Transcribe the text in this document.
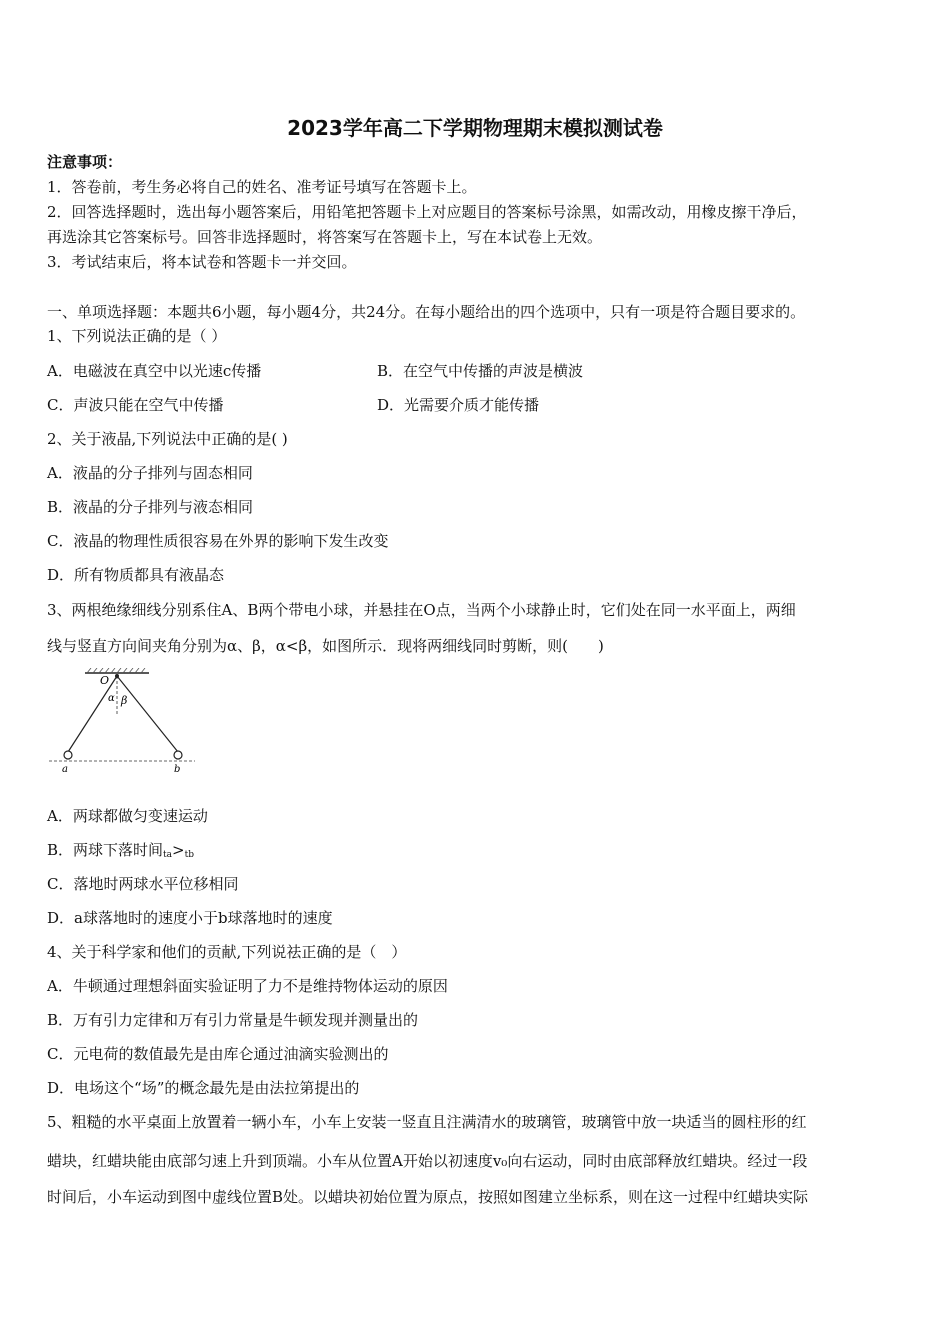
2023学年高二下学期物理期末模拟测试卷
注意事项：
1．答卷前，考生务必将自己的姓名、准考证号填写在答题卡上。
2．回答选择题时，选出每小题答案后，用铅笔把答题卡上对应题目的答案标号涂黑，如需改动，用橡皮擦干净后，
再选涂其它答案标号。回答非选择题时，将答案写在答题卡上，写在本试卷上无效。
3．考试结束后，将本试卷和答题卡一并交回。
一、单项选择题：本题共6小题，每小题4分，共24分。在每小题给出的四个选项中，只有一项是符合题目要求的。
1、下列说法正确的是（ ）
A．电磁波在真空中以光速c传播	B．在空气中传播的声波是横波
C．声波只能在空气中传播	D．光需要介质才能传播
2、关于液晶,下列说法中正确的是( )
A．液晶的分子排列与固态相同
B．液晶的分子排列与液态相同
C．液晶的物理性质很容易在外界的影响下发生改变
D．所有物质都具有液晶态
3、两根绝缘细线分别系住A、B两个带电小球，并悬挂在O点，当两个小球静止时，它们处在同一水平面上，两细
线与竖直方向间夹角分别为α、β，α<β，如图所示．现将两细线同时剪断，则(　　)
O
α β
a	b
A．两球都做匀变速运动
B．两球下落时间$_{ta}>_{tb}$
C．落地时两球水平位移相同
D．a球落地时的速度小于b球落地时的速度
4、关于科学家和他们的贡献,下列说祛正确的是（　）
A．牛顿通过理想斜面实验证明了力不是维持物体运动的原因
B．万有引力定律和万有引力常量是牛顿发现并测量出的
C．元电荷的数值最先是由库仑通过油滴实验测出的
D．电场这个“场”的概念最先是由法拉第提出的
5、粗糙的水平桌面上放置着一辆小车，小车上安装一竖直且注满清水的玻璃管，玻璃管中放一块适当的圆柱形的红
蜡块，红蜡块能由底部匀速上升到顶端。小车从位置A开始以初速度v₀向右运动，同时由底部释放红蜡块。经过一段
时间后，小车运动到图中虚线位置B处。以蜡块初始位置为原点，按照如图建立坐标系，则在这一过程中红蜡块实际
